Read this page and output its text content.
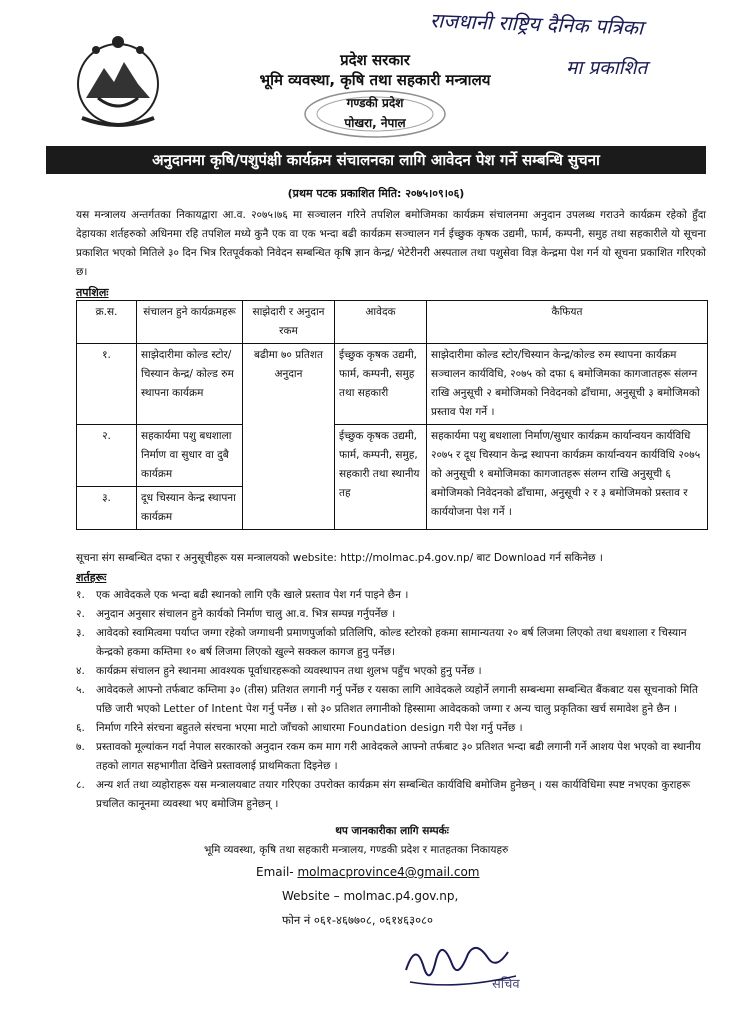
राजधानी राष्ट्रिय दैनिक पत्रिका
मा प्रकाशित
प्रदेश सरकार
भूमि व्यवस्था, कृषि तथा सहकारी मन्त्रालय
गण्डकी प्रदेश
पोखरा, नेपाल
अनुदानमा कृषि/पशुपंक्षी कार्यक्रम संचालनका लागि आवेदन पेश गर्ने सम्बन्धि सुचना
(प्रथम पटक प्रकाशित मिति: २०७५।०९।०६)
यस मन्त्रालय अन्तर्गतका निकायद्वारा आ.व. २०७५।७६ मा सञ्चालन गरिने तपशिल बमोजिमका कार्यक्रम संचालनमा अनुदान उपलब्ध गराउने कार्यक्रम रहेको हुँदा देहायका शर्तहरुको अधिनमा रहि तपशिल मध्ये कुनै एक वा एक भन्दा बढी कार्यक्रम सञ्चालन गर्न ईच्छुक कृषक उद्यमी, फार्म, कम्पनी, समुह तथा सहकारीले यो सूचना प्रकाशित भएको मितिले ३० दिन भित्र रितपूर्वकको निवेदन सम्बन्धित कृषि ज्ञान केन्द्र/ भेटेरीनरी अस्पताल तथा पशुसेवा विज्ञ केन्द्रमा पेश गर्न यो सूचना प्रकाशित गरिएको छ।
तपशिलः
क्र.स.	संचालन हुने कार्यक्रमहरू	साझेदारी र अनुदान रकम	आवेदक	कैफियत
१.	साझेदारीमा कोल्ड स्टोर/ चिस्यान केन्द्र/ कोल्ड रुम स्थापना कार्यक्रम	बढीमा ७० प्रतिशत अनुदान	ईच्छुक कृषक उद्यमी, फार्म, कम्पनी, समुह तथा सहकारी	साझेदारीमा कोल्ड स्टोर/चिस्यान केन्द्र/कोल्ड रुम स्थापना कार्यक्रम सञ्चालन कार्यविधि, २०७५ को दफा ६ बमोजिमका कागजातहरू संलग्न राखि अनुसूची २ बमोजिमको निवेदनको ढाँचामा, अनुसूची ३ बमोजिमको प्रस्ताव पेश गर्ने ।
२.	सहकार्यमा पशु बधशाला निर्माण वा सुधार वा दुबै कार्यक्रम		ईच्छुक कृषक उद्यमी, फार्म, कम्पनी, समुह, सहकारी तथा स्थानीय तह	सहकार्यमा पशु बधशाला निर्माण/सुधार कार्यक्रम कार्यान्वयन कार्यविधि २०७५ र दूध चिस्यान केन्द्र स्थापना कार्यक्रम कार्यान्वयन कार्यविधि २०७५ को अनुसूची १ बमोजिमका कागजातहरू संलग्न राखि अनुसूची ६ बमोजिमको निवेदनको ढाँचामा, अनुसूची २ र ३ बमोजिमको प्रस्ताव र कार्ययोजना पेश गर्ने ।
३.	दूध चिस्यान केन्द्र स्थापना कार्यक्रम			
सूचना संग सम्बन्धित दफा र अनुसूचीहरू यस मन्त्रालयको website: http://molmac.p4.gov.np/ बाट Download गर्न सकिनेछ ।
शर्तहरूः
१.	एक आवेदकले एक भन्दा बढी स्थानको लागि एकै खाले प्रस्ताव पेश गर्न पाइने छैन ।
२.	अनुदान अनुसार संचालन हुने कार्यको निर्माण चालु आ.व. भित्र सम्पन्न गर्नुपर्नेछ ।
३.	आवेदको स्वामित्वमा पर्याप्त जग्गा रहेको जग्गाधनी प्रमाणपुर्जाको प्रतिलिपि, कोल्ड स्टोरको हकमा सामान्यतया २० बर्ष लिजमा लिएको तथा बधशाला र चिस्यान केन्द्रको हकमा कम्तिमा १० बर्ष लिजमा लिएको खुल्ने सक्कल कागज हुनु पर्नेछ।
४.	कार्यक्रम संचालन हुने स्थानमा आवश्यक पूर्वाधारहरूको व्यवस्थापन तथा शुलभ पहुँच भएको हुनु पर्नेछ ।
५.	आवेदकले आफ्नो तर्फबाट कम्तिमा ३० (तीस) प्रतिशत लगानी गर्नु पर्नेछ र यसका लागि आवेदकले व्यहोर्ने लगानी सम्बन्धमा सम्बन्धित बैंकबाट यस सूचनाको मिति पछि जारी भएको Letter of Intent पेश गर्नु पर्नेछ । सो ३० प्रतिशत लगानीको हिस्सामा आवेदकको जग्गा र अन्य चालु प्रकृतिका खर्च समावेश हुने छैन ।
६.	निर्माण गरिने संरचना बहुतले संरचना भएमा माटो जाँचको आधारमा Foundation design गरी पेश गर्नु पर्नेछ ।
७.	प्रस्तावको मूल्यांकन गर्दा नेपाल सरकारको अनुदान रकम कम माग गरी आवेदकले आफ्नो तर्फबाट ३० प्रतिशत भन्दा बढी लगानी गर्ने आशय पेश भएको वा स्थानीय तहको लागत सहभागीता देखिने प्रस्तावलाई प्राथमिकता दिइनेछ ।
८.	अन्य शर्त तथा व्यहोराहरू यस मन्त्रालयबाट तयार गरिएका उपरोक्त कार्यक्रम संग सम्बन्धित कार्यविधि बमोजिम हुनेछन् । यस कार्यविधिमा स्पष्ट नभएका कुराहरू प्रचलित कानूनमा व्यवस्था भए बमोजिम हुनेछन् ।
थप जानकारीका लागि सम्पर्कः
भूमि व्यवस्था, कृषि तथा सहकारी मन्त्रालय, गण्डकी प्रदेश र मातहतका निकायहरु
Email- molmacprovince4@gmail.com
Website – molmac.p4.gov.np,
फोन नं ०६१-४६७७०८, ०६१४६३०८०
सचिव
